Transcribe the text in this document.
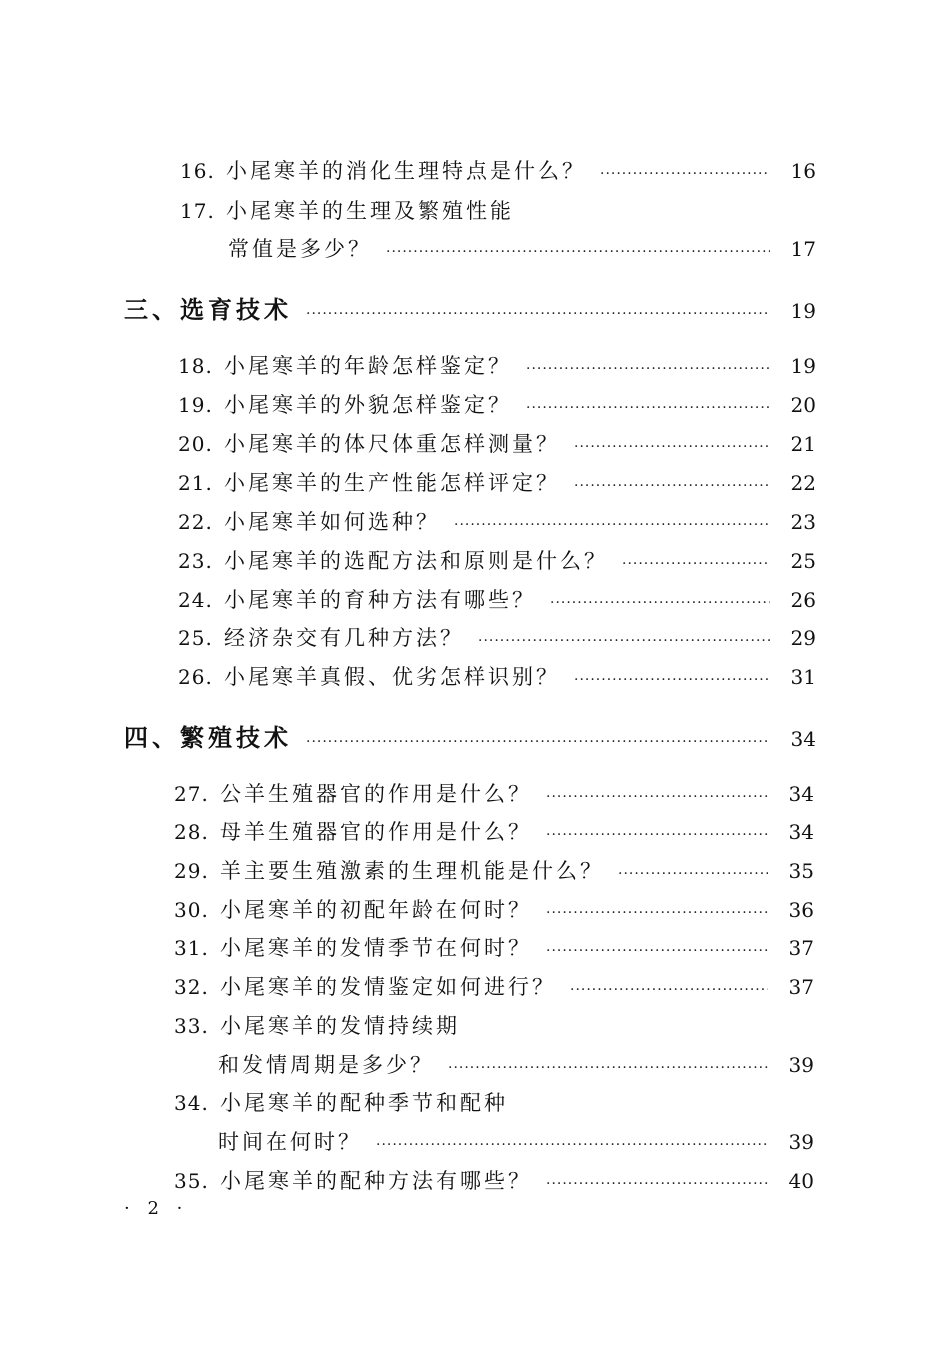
16. 小尾寒羊的消化生理特点是什么？ ·····	16
17. 小尾寒羊的生理及繁殖性能
常值是多少？ ·····	17
三、选育技术 ·····	19
18. 小尾寒羊的年龄怎样鉴定？ ·····	19
19. 小尾寒羊的外貌怎样鉴定？ ·····	20
20. 小尾寒羊的体尺体重怎样测量？ ·····	21
21. 小尾寒羊的生产性能怎样评定？ ·····	22
22. 小尾寒羊如何选种？ ·····	23
23. 小尾寒羊的选配方法和原则是什么？ ·····	25
24. 小尾寒羊的育种方法有哪些？ ·····	26
25. 经济杂交有几种方法？ ·····	29
26. 小尾寒羊真假、优劣怎样识别？ ·····	31
四、繁殖技术 ·····	34
27. 公羊生殖器官的作用是什么？ ·····	34
28. 母羊生殖器官的作用是什么？ ·····	34
29. 羊主要生殖激素的生理机能是什么？ ·····	35
30. 小尾寒羊的初配年龄在何时？ ·····	36
31. 小尾寒羊的发情季节在何时？ ·····	37
32. 小尾寒羊的发情鉴定如何进行？ ·····	37
33. 小尾寒羊的发情持续期
和发情周期是多少？ ·····	39
34. 小尾寒羊的配种季节和配种
时间在何时？ ·····	39
35. 小尾寒羊的配种方法有哪些？ ·····	40
· 2 ·
